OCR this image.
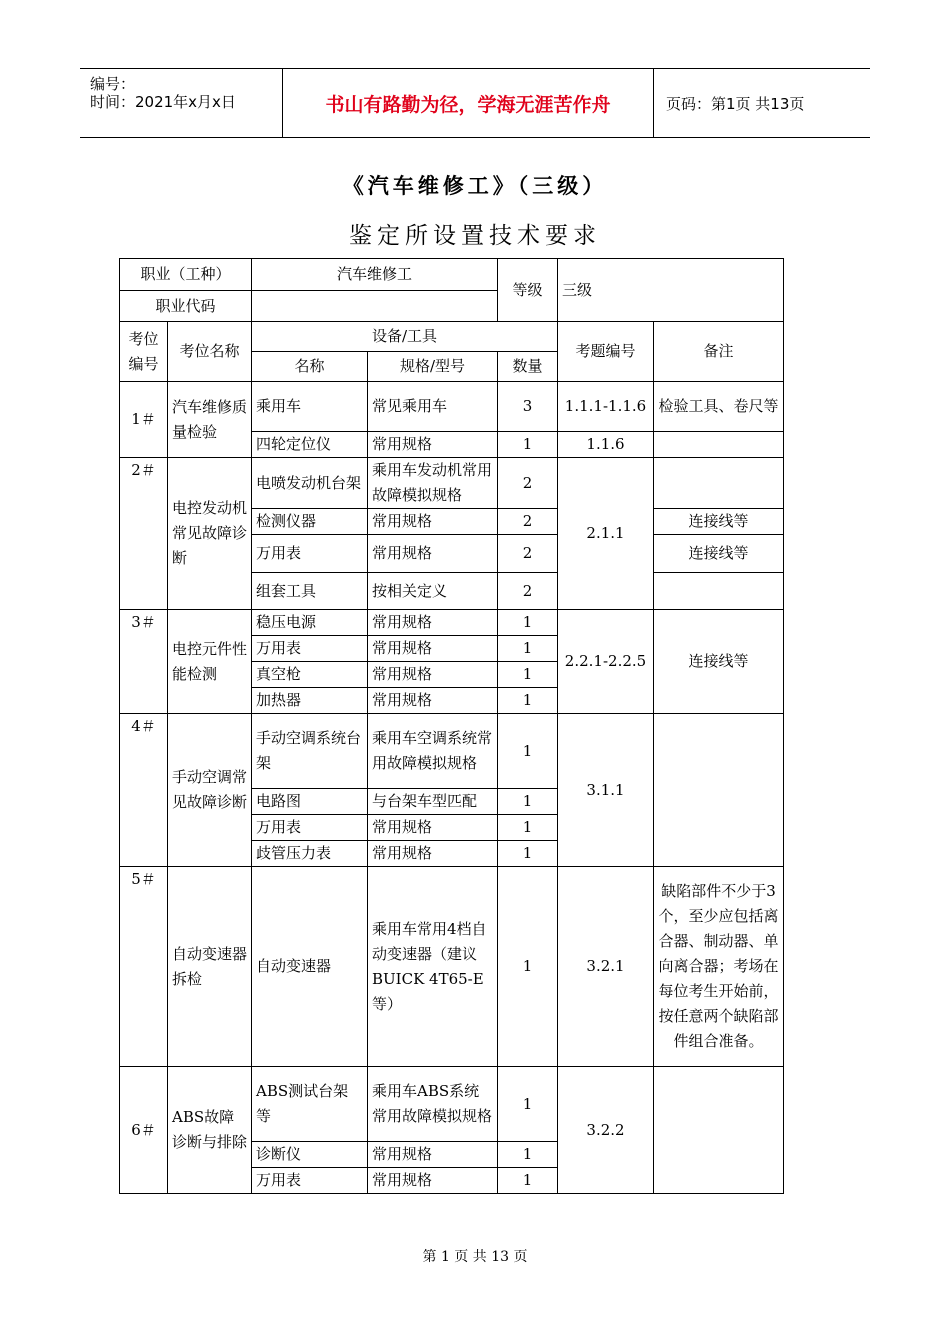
编号：
时间：2021年x月x日	书山有路勤为径，学海无涯苦作舟	页码：第1页 共13页
《汽车维修工》（三级）
鉴定所设置技术要求
职业（工种）		汽车维修工		等级	三级	
职业代码						
考位编号	考位名称	设备/工具			考题编号	备注
		名称	规格/型号	数量		
1＃	汽车维修质量检验	乘用车	常见乘用车	3	1.1.1-1.1.6	检验工具、卷尺等
		四轮定位仪	常用规格	1	1.1.6	
2＃	电控发动机常见故障诊断	电喷发动机台架	乘用车发动机常用故障模拟规格	2	2.1.1	
		检测仪器	常用规格	2		连接线等
		万用表	常用规格	2		连接线等
		组套工具	按相关定义	2		
3＃	电控元件性能检测	稳压电源	常用规格	1	2.2.1-2.2.5	连接线等
		万用表	常用规格	1		
		真空枪	常用规格	1		
		加热器	常用规格	1		
4＃	手动空调常见故障诊断	手动空调系统台架	乘用车空调系统常用故障模拟规格	1	3.1.1	
		电路图	与台架车型匹配	1		
		万用表	常用规格	1		
		歧管压力表	常用规格	1		
5＃	自动变速器拆检	自动变速器	乘用车常用4档自动变速器（建议BUICK 4T65-E等）	1	3.2.1	缺陷部件不少于3个，至少应包括离合器、制动器、单向离合器；考场在每位考生开始前，按任意两个缺陷部件组合准备。
6＃	ABS故障诊断与排除	ABS测试台架等	乘用车ABS系统常用故障模拟规格	1	3.2.2	
		诊断仪	常用规格	1		
		万用表	常用规格	1		
第 1 页 共 13 页
